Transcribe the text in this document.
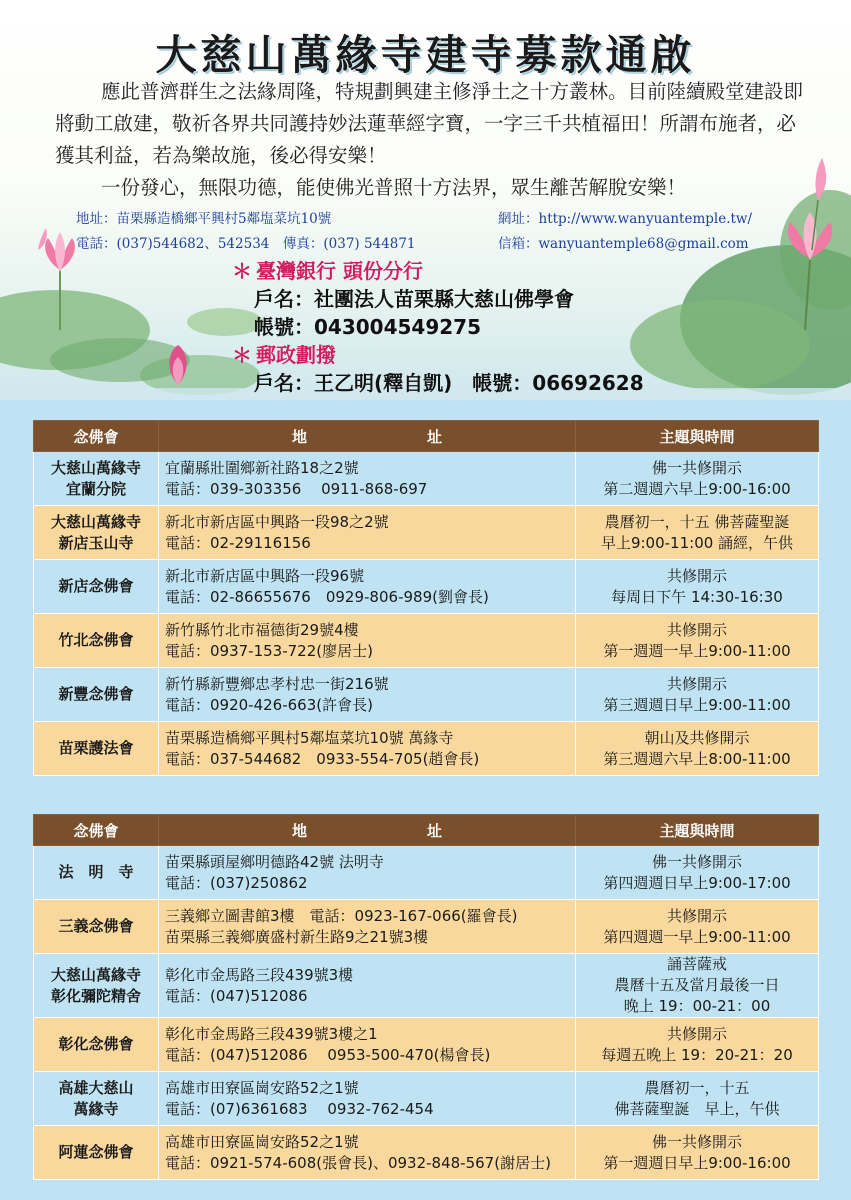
大慈山萬緣寺建寺募款通啟

應此普濟群生之法緣周隆，特規劃興建主修淨土之十方叢林。目前陸續殿堂建設即將動工啟建，敬祈各界共同護持妙法蓮華經字寶，一字三千共植福田！所謂布施者，必獲其利益，若為樂故施，後必得安樂！

一份發心，無限功德，能使佛光普照十方法界，眾生離苦解脫安樂！

地址：苗栗縣造橋鄉平興村5鄰塩菜坑10號	網址：http://www.wanyuantemple.tw/
電話：(037)544682、542534　傳真：(037) 544871	信箱：wanyuantemple68@gmail.com
＊ 臺灣銀行 頭份分行
戶名：社團法人苗栗縣大慈山佛學會
帳號：043004549275
＊ 郵政劃撥
戶名：王乙明(釋自凱)　帳號：06692628
念佛會	地 址	主題與時間

大慈山萬緣寺
宜蘭分院	宜蘭縣壯圍鄉新社路18之2號
電話：039-303356　 0911-868-697	佛一共修開示
第二週週六早上9:00-16:00

大慈山萬緣寺
新店玉山寺	新北市新店區中興路一段98之2號
電話：02-29116156	農曆初一，十五 佛菩薩聖誕
早上9:00-11:00 誦經，午供

新店念佛會	新北市新店區中興路一段96號
電話：02-86655676　0929-806-989(劉會長)	共修開示
每周日下午 14:30-16:30

竹北念佛會	新竹縣竹北市福德街29號4樓
電話：0937-153-722(廖居士)	共修開示
第一週週一早上9:00-11:00

新豐念佛會	新竹縣新豐鄉忠孝村忠一街216號
電話：0920-426-663(許會長)	共修開示
第三週週日早上9:00-11:00

苗栗護法會	苗栗縣造橋鄉平興村5鄰塩菜坑10號 萬緣寺
電話：037-544682　0933-554-705(趙會長)	朝山及共修開示
第三週週六早上8:00-11:00
念佛會	地 址	主題與時間

法　明　寺	苗栗縣頭屋鄉明德路42號 法明寺
電話：(037)250862	佛一共修開示
第四週週日早上9:00-17:00

三義念佛會	三義鄉立圖書館3樓　電話：0923-167-066(羅會長)
苗栗縣三義鄉廣盛村新生路9之21號3樓	共修開示
第四週週一早上9:00-11:00

大慈山萬緣寺
彰化彌陀精舍	彰化市金馬路三段439號3樓
電話：(047)512086	誦菩薩戒
農曆十五及當月最後一日
晚上 19：00-21：00

彰化念佛會	彰化市金馬路三段439號3樓之1
電話：(047)512086　 0953-500-470(楊會長)	共修開示
每週五晚上 19：20-21：20

高雄大慈山
萬緣寺	高雄市田寮區崗安路52之1號
電話：(07)6361683　 0932-762-454	農曆初一，十五
佛菩薩聖誕　早上，午供

阿蓮念佛會	高雄市田寮區崗安路52之1號
電話：0921-574-608(張會長)、0932-848-567(謝居士)	佛一共修開示
第一週週日早上9:00-16:00
